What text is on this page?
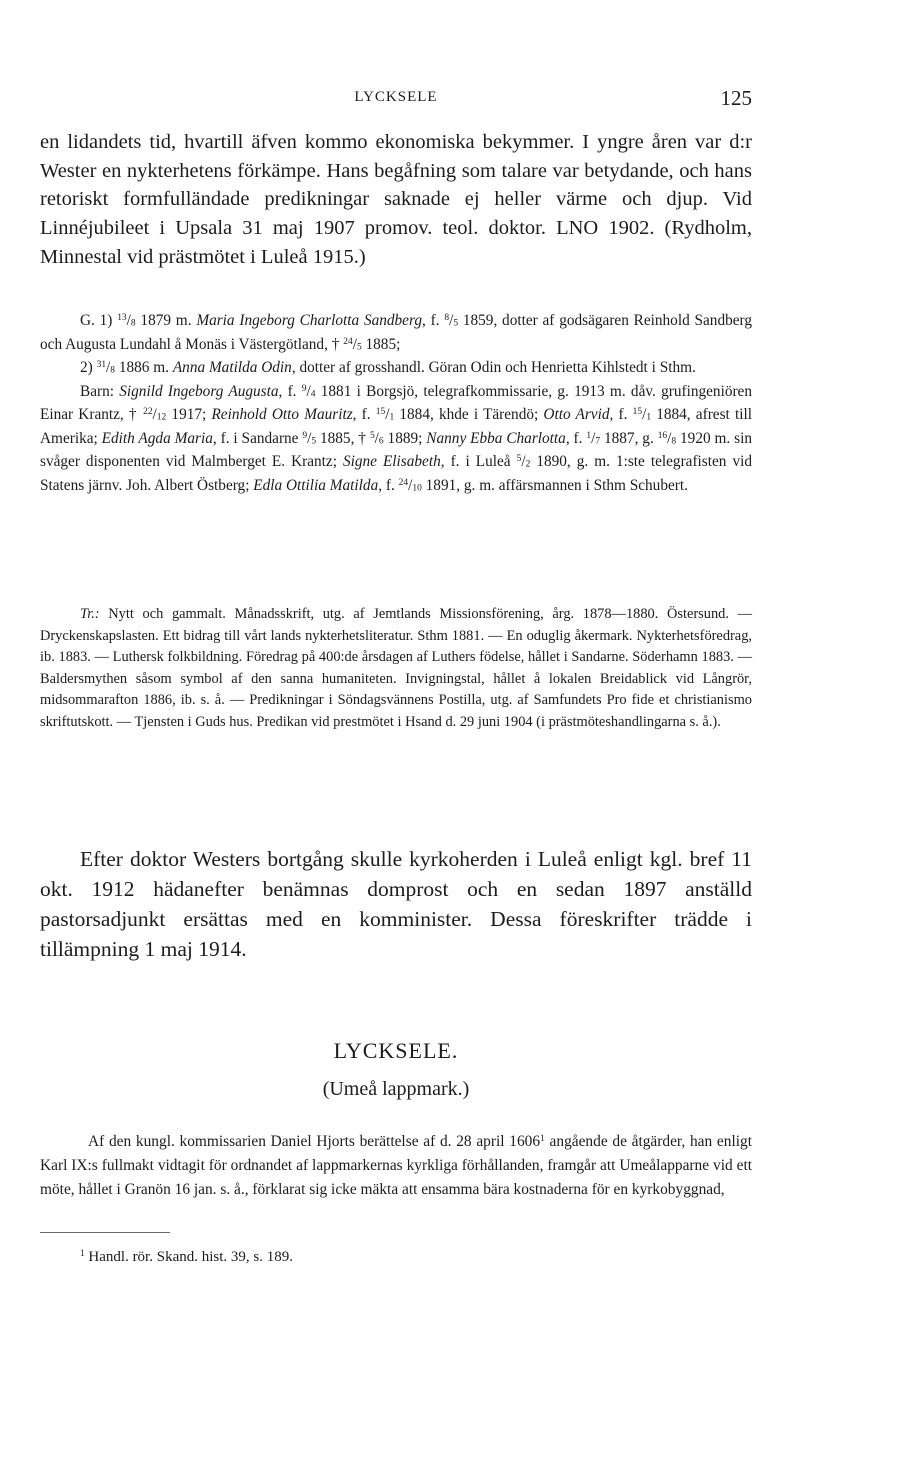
LYCKSELE	125

en lidandets tid, hvartill äfven kommo ekonomiska bekymmer. I yngre åren var d:r Wester en nykterhetens förkämpe. Hans begåfning som talare var betydande, och hans retoriskt formfulländade predikningar saknade ej heller värme och djup. Vid Linnéjubileet i Upsala 31 maj 1907 promov. teol. doktor. LNO 1902. (Rydholm, Minnestal vid prästmötet i Luleå 1915.)

G. 1) $^{13}/_8$ 1879 m. Maria Ingeborg Charlotta Sandberg, f. $^8/_5$ 1859, dotter af godsägaren Reinhold Sandberg och Augusta Lundahl å Monäs i Västergötland, † $^{24}/_5$ 1885;

2) $^{31}/_8$ 1886 m. Anna Matilda Odin, dotter af grosshandl. Göran Odin och Henrietta Kihlstedt i Sthm.

Barn: Signild Ingeborg Augusta, f. $^9/_4$ 1881 i Borgsjö, telegrafkommissarie, g. 1913 m. dåv. grufingeniören Einar Krantz, † $^{22}/_{12}$ 1917; Reinhold Otto Mauritz, f. $^{15}/_1$ 1884, khde i Tärendö; Otto Arvid, f. $^{15}/_1$ 1884, afrest till Amerika; Edith Agda Maria, f. i Sandarne $^9/_5$ 1885, † $^5/_6$ 1889; Nanny Ebba Charlotta, f. $^1/_7$ 1887, g. $^{16}/_8$ 1920 m. sin svåger disponenten vid Malmberget E. Krantz; Signe Elisabeth, f. i Luleå $^5/_2$ 1890, g. m. 1:ste telegrafisten vid Statens järnv. Joh. Albert Östberg; Edla Ottilia Matilda, f. $^{24}/_{10}$ 1891, g. m. affärsmannen i Sthm Schubert.

Tr.: Nytt och gammalt. Månadsskrift, utg. af Jemtlands Missionsförening, årg. 1878—1880. Östersund. — Dryckenskapslasten. Ett bidrag till vårt lands nykterhetsliteratur. Sthm 1881. — En oduglig åkermark. Nykterhetsföredrag, ib. 1883. — Luthersk folkbildning. Föredrag på 400:de årsdagen af Luthers födelse, hållet i Sandarne. Söderhamn 1883. — Baldersmythen såsom symbol af den sanna humaniteten. Invigningstal, hållet å lokalen Breidablick vid Långrör, midsommarafton 1886, ib. s. å. — Predikningar i Söndagsvännens Postilla, utg. af Samfundets Pro fide et christianismo skriftutskott. — Tjensten i Guds hus. Predikan vid prestmötet i Hsand d. 29 juni 1904 (i prästmöteshandlingarna s. å.).

Efter doktor Westers bortgång skulle kyrkoherden i Luleå enligt kgl. bref 11 okt. 1912 hädanefter benämnas domprost och en sedan 1897 anställd pastorsadjunkt ersättas med en komminister. Dessa föreskrifter trädde i tillämpning 1 maj 1914.

LYCKSELE.
(Umeå lappmark.)

Af den kungl. kommissarien Daniel Hjorts berättelse af d. 28 april 1606$^1$ angående de åtgärder, han enligt Karl IX:s fullmakt vidtagit för ordnandet af lappmarkernas kyrkliga förhållanden, framgår att Umeålapparne vid ett möte, hållet i Granön 16 jan. s. å., förklarat sig icke mäkta att ensamma bära kostnaderna för en kyrkobyggnad,

$^1$ Handl. rör. Skand. hist. 39, s. 189.
